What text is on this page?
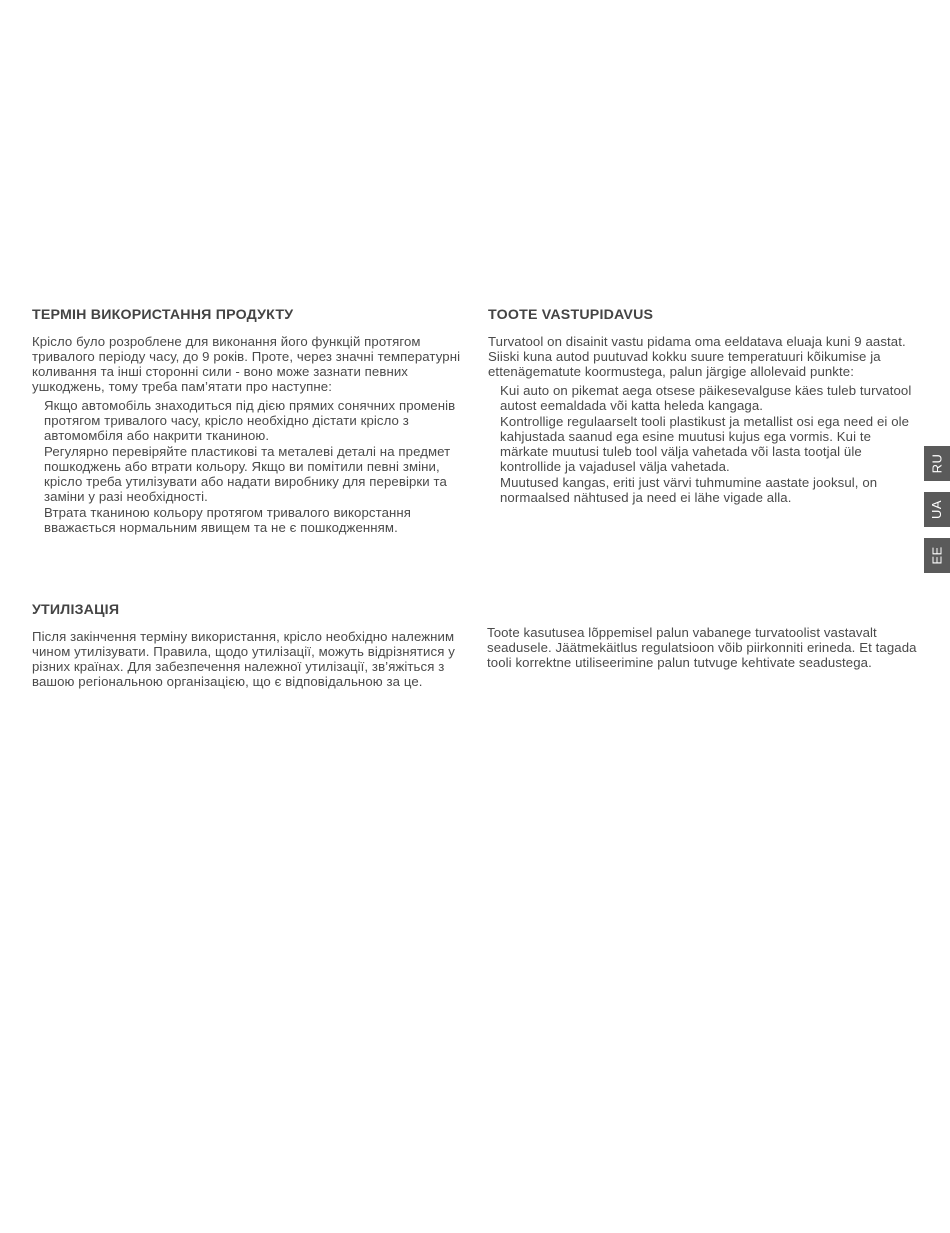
ТЕРМІН ВИКОРИСТАННЯ ПРОДУКТУ

Крісло було розроблене для виконання його функцій протягом тривалого періоду часу, до 9 років. Проте, через значні температурні коливання та інші сторонні сили - воно може зазнати певних ушкоджень, тому треба пам’ятати про наступне:

Якщо автомобіль знаходиться під дією прямих сонячних променів протягом тривалого часу, крісло необхідно дістати крісло з автомомбіля або накрити тканиною.

Регулярно перевіряйте пластикові та металеві деталі на предмет пошкоджень або втрати кольору. Якщо ви помітили певні зміни, крісло треба утилізувати або надати виробнику для перевірки та заміни у разі необхідності.

Втрата тканиною кольору протягом тривалого викорстання вважається нормальним явищем та не є пошкодженням.

TOOTE VASTUPIDAVUS

Turvatool on disainit vastu pidama oma eeldatava eluaja kuni 9 aastat. Siiski kuna autod puutuvad kokku suure temperatuuri kõikumise ja ettenägematute koormustega, palun järgige allolevaid punkte:

Kui auto on pikemat aega otsese päikesevalguse käes tuleb turvatool autost eemaldada või katta heleda kangaga.

Kontrollige regulaarselt tooli plastikust ja metallist osi ega need ei ole kahjustada saanud ega esine muutusi kujus ega vormis. Kui te märkate muutusi tuleb tool välja vahetada või lasta tootjal üle kontrollide ja vajadusel välja vahetada.

Muutused kangas, eriti just värvi tuhmumine aastate jooksul, on normaalsed nähtused ja need ei lähe vigade alla.

УТИЛІЗАЦІЯ

Після закінчення терміну використання, крісло необхідно належним чином утилізувати. Правила, щодо утилізації, можуть відрізнятися у різних країнах. Для забезпечення належної утилізації, зв’яжіться з вашою регіональною організацією, що є відповідальною за це.

Toote kasutusea lõppemisel palun vabanege turvatoolist vastavalt seadusele. Jäätmekäitlus regulatsioon võib piirkonniti erineda. Et tagada tooli korrektne utiliseerimine palun tutvuge kehtivate seadustega.

RU
UA
EE
